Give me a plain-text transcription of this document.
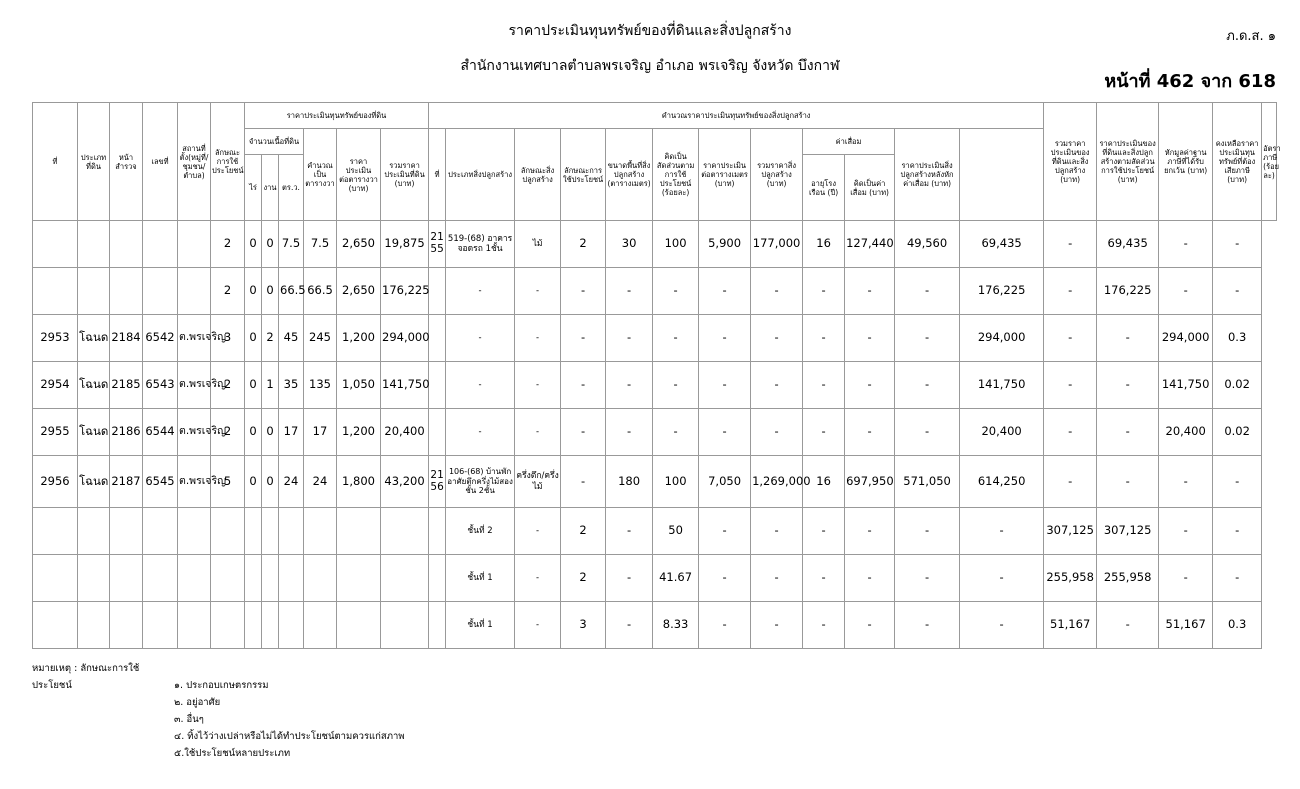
ราคาประเมินทุนทรัพย์ของที่ดินและสิ่งปลูกสร้าง
สำนักงานเทศบาลตำบลพรเจริญ อำเภอ พรเจริญ จังหวัด บึงกาฬ
ภ.ด.ส. ๑
หน้าที่ 462 จาก 618
ที่	ประเภทที่ดิน	หน้าสำรวจ	เลขที่	สถานที่ตั้ง(หมู่ที่/ชุมชน/ตำบล)	ลักษณะการใช้ประโยชน์	ราคาประเมินทุนทรัพย์ของที่ดิน						คำนวณราคาประเมินทุนทรัพย์ของสิ่งปลูกสร้าง												รวมราคาประเมินของที่ดินและสิ่งปลูกสร้าง (บาท)	ราคาประเมินของที่ดินและสิ่งปลูกสร้างตามสัดส่วนการใช้ประโยชน์ (บาท)	หักมูลค่าฐานภาษีที่ได้รับยกเว้น (บาท)	คงเหลือราคาประเมินทุนทรัพย์ที่ต้องเสียภาษี (บาท)	อัตราภาษี (ร้อยละ)
						จำนวนเนื้อที่ดิน			คำนวณเป็นตารางวา	ราคาประเมินต่อตารางวา (บาท)	รวมราคาประเมินที่ดิน (บาท)	ที่	ประเภทสิ่งปลูกสร้าง	ลักษณะสิ่งปลูกสร้าง	ลักษณะการใช้ประโยชน์	ขนาดพื้นที่สิ่งปลูกสร้าง (ตารางเมตร)	คิดเป็นสัดส่วนตามการใช้ประโยชน์ (ร้อยละ)	ราคาประเมินต่อตารางเมตร (บาท)	รวมราคาสิ่งปลูกสร้าง (บาท)	ค่าเสื่อม		ราคาประเมินสิ่งปลูกสร้างหลังหักค่าเสื่อม (บาท)						
						ไร่	งาน	ตร.ว.												อายุโรงเรือน (ปี)	คิดเป็นค่าเสื่อม (บาท)							
					2	0	0	7.5	7.5	2,650	19,875	21 55	519-(68) อาคารจอดรถ 1ชั้น	ไม้	2	30	100	5,900	177,000	16	127,440	49,560	69,435	-	69,435	-	-	
					2	0	0	66.5	66.5	2,650	176,225		-	-	-	-	-	-	-	-	-	-	176,225	-	176,225	-	-	
2953	โฉนด	2184	6542	ต.พรเจริญ	3	0	2	45	245	1,200	294,000		-	-	-	-	-	-	-	-	-	-	294,000	-	-	294,000	0.3	
2954	โฉนด	2185	6543	ต.พรเจริญ	2	0	1	35	135	1,050	141,750		-	-	-	-	-	-	-	-	-	-	141,750	-	-	141,750	0.02	
2955	โฉนด	2186	6544	ต.พรเจริญ	2	0	0	17	17	1,200	20,400		-	-	-	-	-	-	-	-	-	-	20,400	-	-	20,400	0.02	
2956	โฉนด	2187	6545	ต.พรเจริญ	5	0	0	24	24	1,800	43,200	21 56	106-(68) บ้านพักอาศัยตึกครึ่งไม้สองชั้น 2ชั้น	ครึ่งตึก/ครึ่งไม้	-	180	100	7,050	1,269,000	16	697,950	571,050	614,250	-	-	-	-	
													ชั้นที่ 2	-	2	-	50	-	-	-	-	-	-	307,125	307,125	-	-	
													ชั้นที่ 1	-	2	-	41.67	-	-	-	-	-	-	255,958	255,958	-	-	
													ชั้นที่ 1	-	3	-	8.33	-	-	-	-	-	-	51,167	-	51,167	0.3	
หมายเหตุ : ลักษณะการใช้ประโยชน์	๑. ประกอบเกษตรกรรม
๒. อยู่อาศัย
๓. อื่นๆ
๔. ทิ้งไว้ว่างเปล่าหรือไม่ได้ทำประโยชน์ตามควรแก่สภาพ
๕.ใช้ประโยชน์หลายประเภท
